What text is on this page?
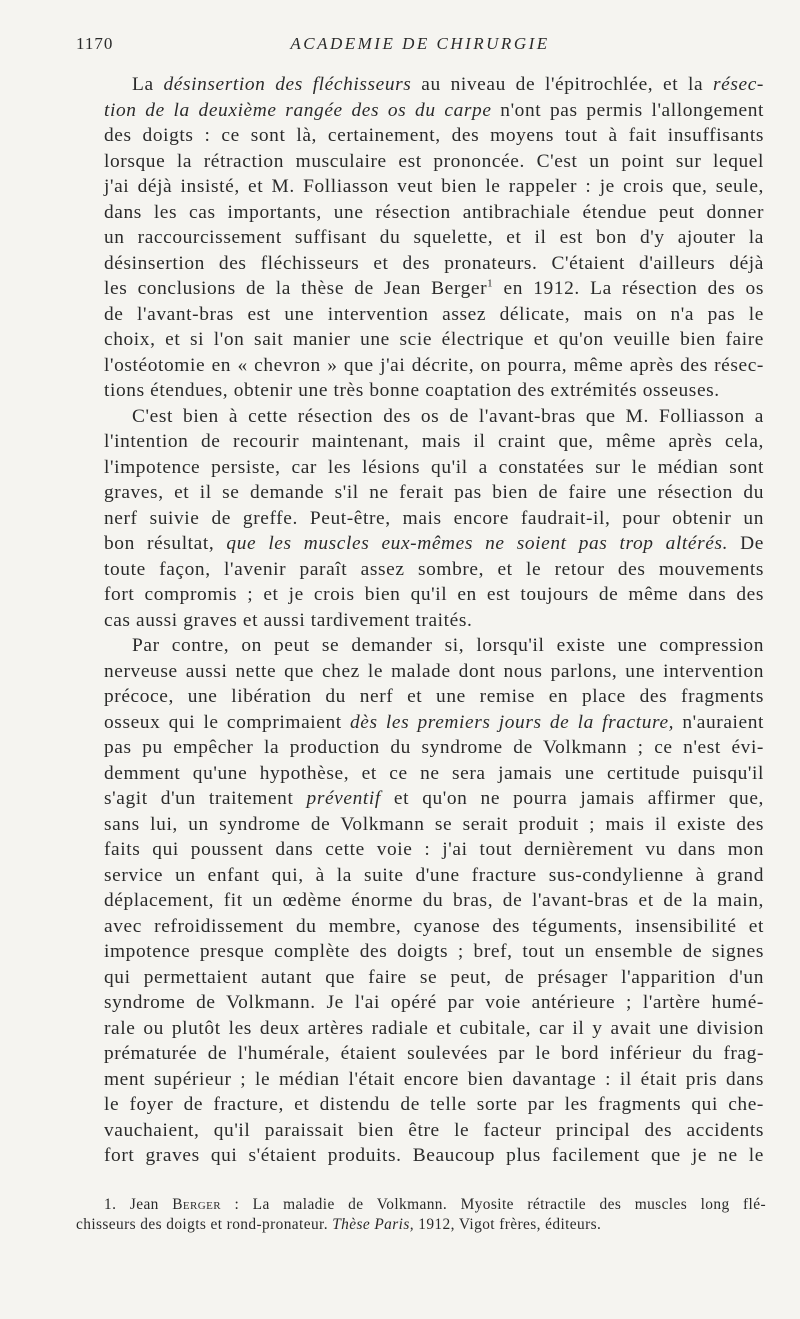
1170	ACADEMIE DE CHIRURGIE
La désinsertion des fléchisseurs au niveau de l'épitrochlée, et la résec-
tion de la deuxième rangée des os du carpe n'ont pas permis l'allongement
des doigts : ce sont là, certainement, des moyens tout à fait insuffisants
lorsque la rétraction musculaire est prononcée. C'est un point sur lequel
j'ai déjà insisté, et M. Folliasson veut bien le rappeler : je crois que, seule,
dans les cas importants, une résection antibrachiale étendue peut donner
un raccourcissement suffisant du squelette, et il est bon d'y ajouter la
désinsertion des fléchisseurs et des pronateurs. C'étaient d'ailleurs déjà
les conclusions de la thèse de Jean Berger$^1$ en 1912. La résection des os
de l'avant-bras est une intervention assez délicate, mais on n'a pas le
choix, et si l'on sait manier une scie électrique et qu'on veuille bien faire
l'ostéotomie en « chevron » que j'ai décrite, on pourra, même après des résec-
tions étendues, obtenir une très bonne coaptation des extrémités osseuses.
C'est bien à cette résection des os de l'avant-bras que M. Folliasson a
l'intention de recourir maintenant, mais il craint que, même après cela,
l'impotence persiste, car les lésions qu'il a constatées sur le médian sont
graves, et il se demande s'il ne ferait pas bien de faire une résection du
nerf suivie de greffe. Peut-être, mais encore faudrait-il, pour obtenir un
bon résultat, que les muscles eux-mêmes ne soient pas trop altérés. De
toute façon, l'avenir paraît assez sombre, et le retour des mouvements
fort compromis ; et je crois bien qu'il en est toujours de même dans des
cas aussi graves et aussi tardivement traités.
Par contre, on peut se demander si, lorsqu'il existe une compression
nerveuse aussi nette que chez le malade dont nous parlons, une intervention
précoce, une libération du nerf et une remise en place des fragments
osseux qui le comprimaient dès les premiers jours de la fracture, n'auraient
pas pu empêcher la production du syndrome de Volkmann ; ce n'est évi-
demment qu'une hypothèse, et ce ne sera jamais une certitude puisqu'il
s'agit d'un traitement préventif et qu'on ne pourra jamais affirmer que,
sans lui, un syndrome de Volkmann se serait produit ; mais il existe des
faits qui poussent dans cette voie : j'ai tout dernièrement vu dans mon
service un enfant qui, à la suite d'une fracture sus-condylienne à grand
déplacement, fit un œdème énorme du bras, de l'avant-bras et de la main,
avec refroidissement du membre, cyanose des téguments, insensibilité et
impotence presque complète des doigts ; bref, tout un ensemble de signes
qui permettaient autant que faire se peut, de présager l'apparition d'un
syndrome de Volkmann. Je l'ai opéré par voie antérieure ; l'artère humé-
rale ou plutôt les deux artères radiale et cubitale, car il y avait une division
prématurée de l'humérale, étaient soulevées par le bord inférieur du frag-
ment supérieur ; le médian l'était encore bien davantage : il était pris dans
le foyer de fracture, et distendu de telle sorte par les fragments qui che-
vauchaient, qu'il paraissait bien être le facteur principal des accidents
fort graves qui s'étaient produits. Beaucoup plus facilement que je ne le
1. Jean Berger : La maladie de Volkmann. Myosite rétractile des muscles long flé-
chisseurs des doigts et rond-pronateur. Thèse Paris, 1912, Vigot frères, éditeurs.
